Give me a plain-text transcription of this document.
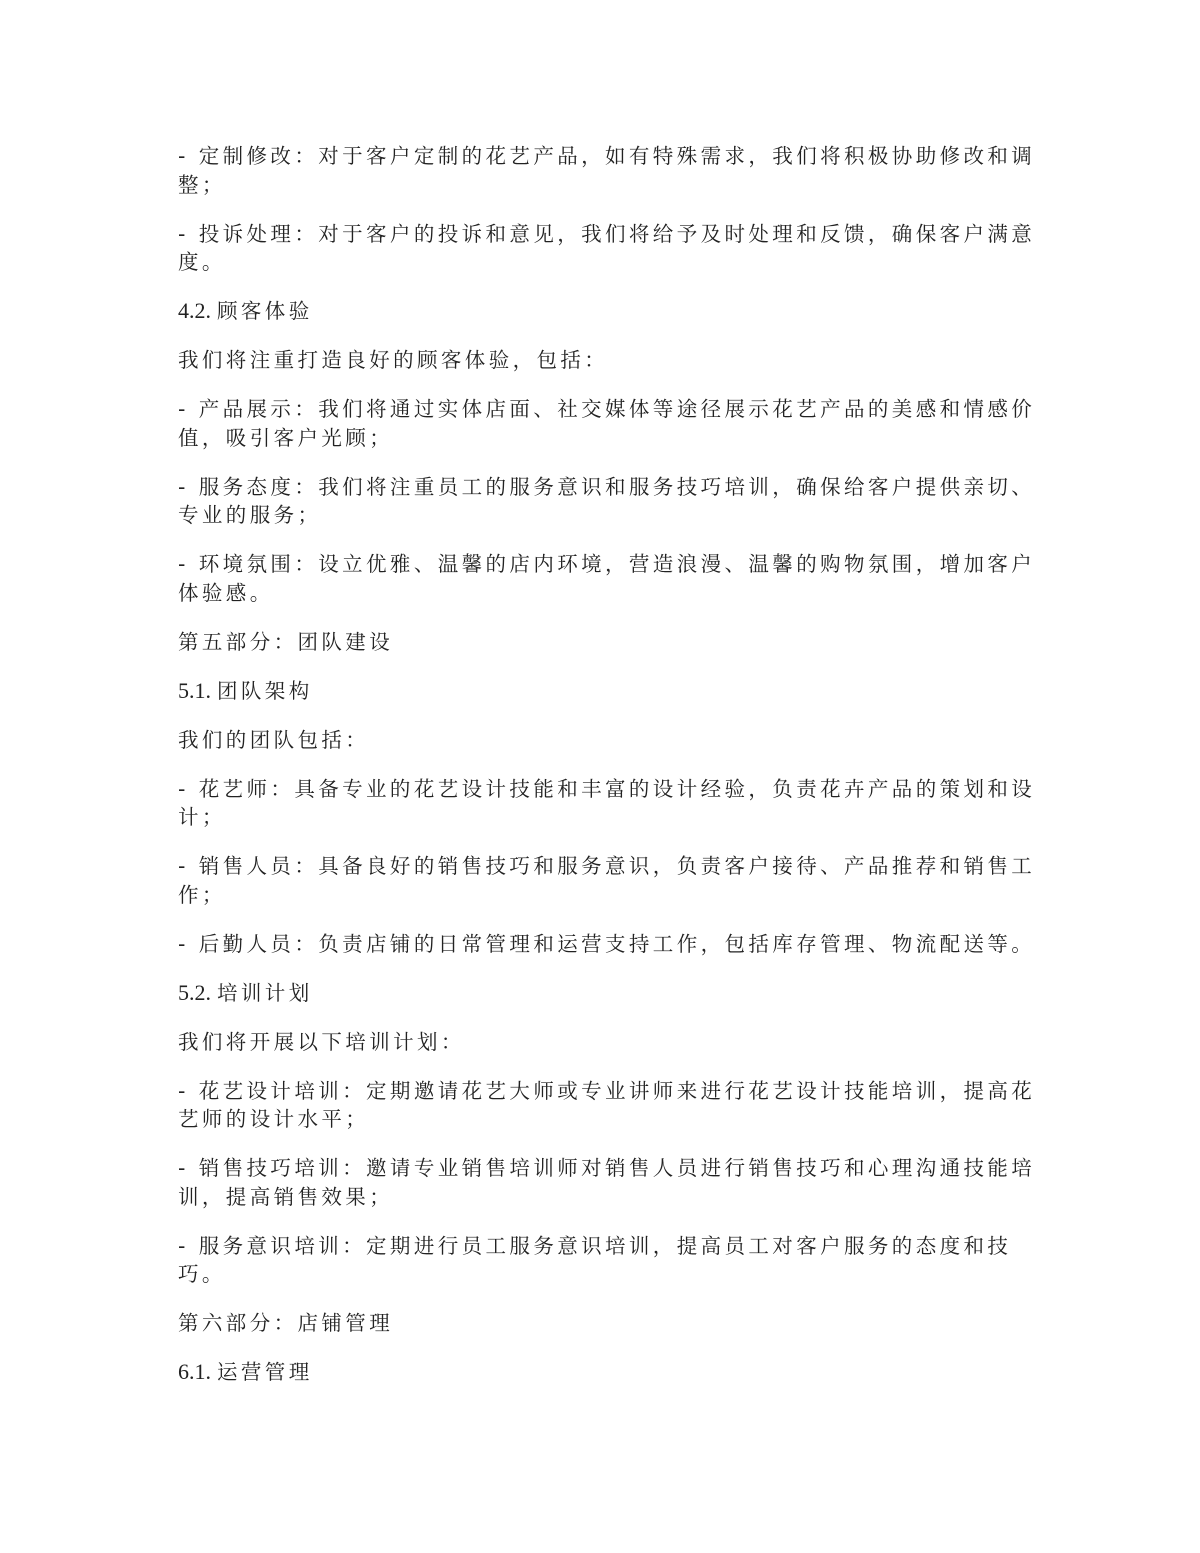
- 定制修改：对于客户定制的花艺产品，如有特殊需求，我们将积极协助修改和调
整；
- 投诉处理：对于客户的投诉和意见，我们将给予及时处理和反馈，确保客户满意
度。
4.2. 顾客体验
我们将注重打造良好的顾客体验，包括：
- 产品展示：我们将通过实体店面、社交媒体等途径展示花艺产品的美感和情感价
值，吸引客户光顾；
- 服务态度：我们将注重员工的服务意识和服务技巧培训，确保给客户提供亲切、
专业的服务；
- 环境氛围：设立优雅、温馨的店内环境，营造浪漫、温馨的购物氛围，增加客户
体验感。
第五部分：团队建设
5.1. 团队架构
我们的团队包括：
- 花艺师：具备专业的花艺设计技能和丰富的设计经验，负责花卉产品的策划和设
计；
- 销售人员：具备良好的销售技巧和服务意识，负责客户接待、产品推荐和销售工
作；
- 后勤人员：负责店铺的日常管理和运营支持工作，包括库存管理、物流配送等。
5.2. 培训计划
我们将开展以下培训计划：
- 花艺设计培训：定期邀请花艺大师或专业讲师来进行花艺设计技能培训，提高花
艺师的设计水平；
- 销售技巧培训：邀请专业销售培训师对销售人员进行销售技巧和心理沟通技能培
训，提高销售效果；
- 服务意识培训：定期进行员工服务意识培训，提高员工对客户服务的态度和技
巧。
第六部分：店铺管理
6.1. 运营管理
